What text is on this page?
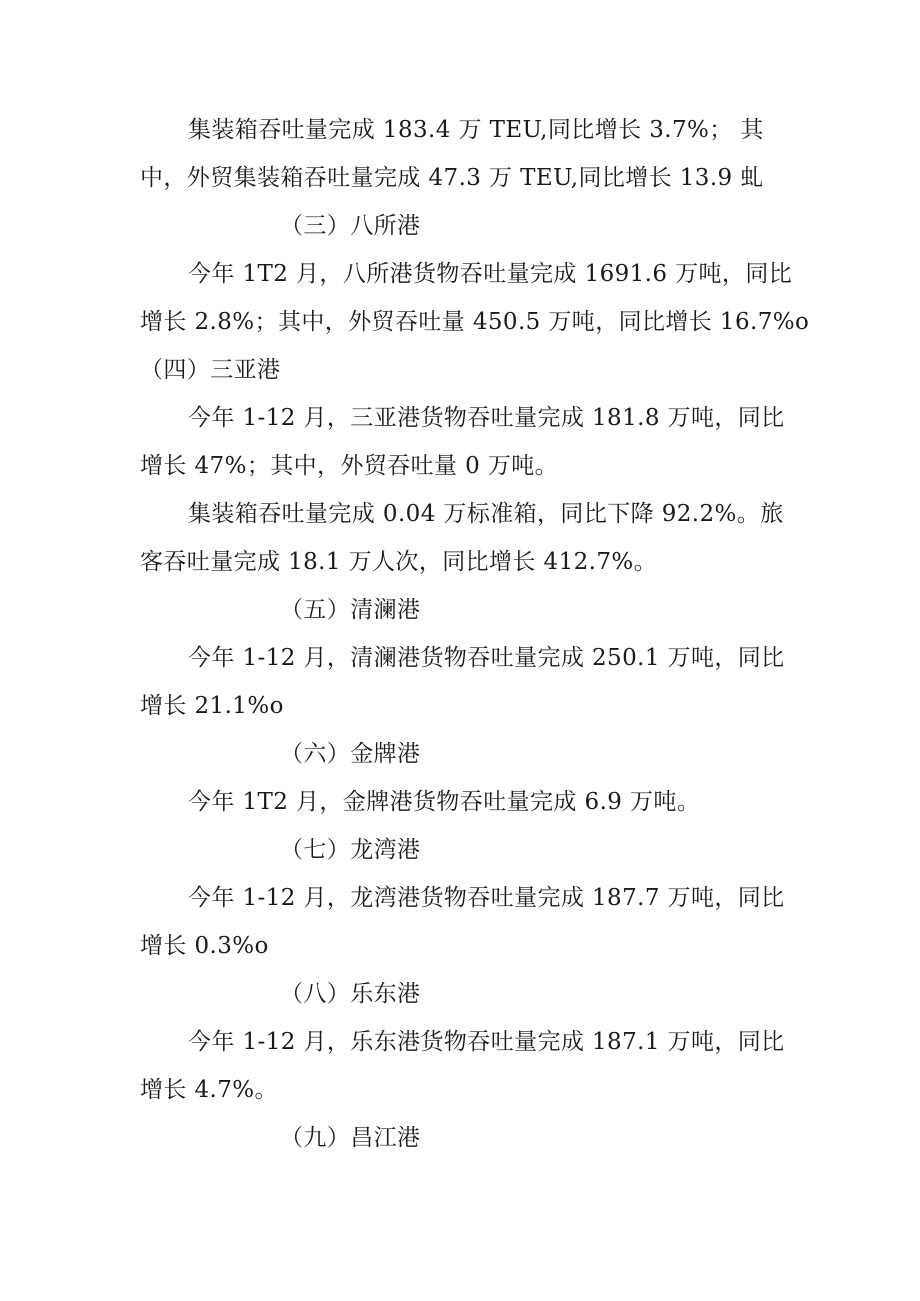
集装箱吞吐量完成 183.4 万 TEU,同比增长 3.7%； 其
中，外贸集装箱吞吐量完成 47.3 万 TEU,同比增长 13.9 虬
（三）八所港
今年 1T2 月，八所港货物吞吐量完成 1691.6 万吨，同比
增长 2.8%；其中，外贸吞吐量 450.5 万吨，同比增长 16.7%o
（四）三亚港
今年 1-12 月，三亚港货物吞吐量完成 181.8 万吨，同比
增长 47%；其中，外贸吞吐量 0 万吨。
集装箱吞吐量完成 0.04 万标准箱，同比下降 92.2%。旅
客吞吐量完成 18.1 万人次，同比增长 412.7%。
（五）清澜港
今年 1-12 月，清澜港货物吞吐量完成 250.1 万吨，同比
增长 21.1%o
（六）金牌港
今年 1T2 月，金牌港货物吞吐量完成 6.9 万吨。
（七）龙湾港
今年 1-12 月，龙湾港货物吞吐量完成 187.7 万吨，同比
增长 0.3%o
（八）乐东港
今年 1-12 月，乐东港货物吞吐量完成 187.1 万吨，同比
增长 4.7%。
（九）昌江港
